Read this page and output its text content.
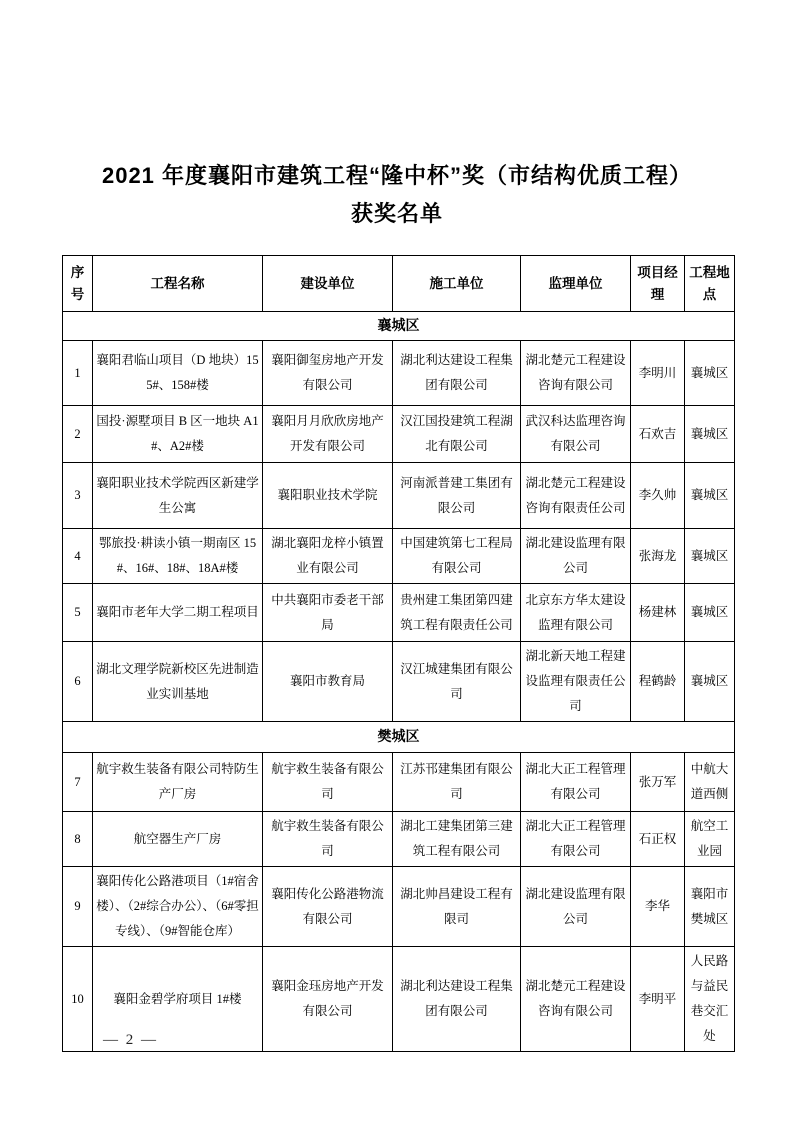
2021 年度襄阳市建筑工程“隆中杯”奖（市结构优质工程）
获奖名单
序号	工程名称	建设单位	施工单位	监理单位	项目经理	工程地点
襄城区						
1	襄阳君临山项目（D 地块）155#、158#楼	襄阳御玺房地产开发有限公司	湖北利达建设工程集团有限公司	湖北楚元工程建设咨询有限公司	李明川	襄城区
2	国投·源墅项目 B 区一地块 A1#、A2#楼	襄阳月月欣欣房地产开发有限公司	汉江国投建筑工程湖北有限公司	武汉科达监理咨询有限公司	石欢吉	襄城区
3	襄阳职业技术学院西区新建学生公寓	襄阳职业技术学院	河南派普建工集团有限公司	湖北楚元工程建设咨询有限责任公司	李久帅	襄城区
4	鄂旅投·耕读小镇一期南区 15#、16#、18#、18A#楼	湖北襄阳龙梓小镇置业有限公司	中国建筑第七工程局有限公司	湖北建设监理有限公司	张海龙	襄城区
5	襄阳市老年大学二期工程项目	中共襄阳市委老干部局	贵州建工集团第四建筑工程有限责任公司	北京东方华太建设监理有限公司	杨建林	襄城区
6	湖北文理学院新校区先进制造业实训基地	襄阳市教育局	汉江城建集团有限公司	湖北新天地工程建设监理有限责任公司	程鹤龄	襄城区
樊城区						
7	航宇救生装备有限公司特防生产厂房	航宇救生装备有限公司	江苏邗建集团有限公司	湖北大正工程管理有限公司	张万军	中航大道西侧
8	航空器生产厂房	航宇救生装备有限公司	湖北工建集团第三建筑工程有限公司	湖北大正工程管理有限公司	石正权	航空工业园
9	襄阳传化公路港项目（1#宿舍楼）、（2#综合办公）、（6#零担专线）、（9#智能仓库）	襄阳传化公路港物流有限公司	湖北帅昌建设工程有限司	湖北建设监理有限公司	李华	襄阳市樊城区
10	襄阳金碧学府项目 1#楼	襄阳金珏房地产开发有限公司	湖北利达建设工程集团有限公司	湖北楚元工程建设咨询有限公司	李明平	人民路与益民巷交汇处
— 2 —
